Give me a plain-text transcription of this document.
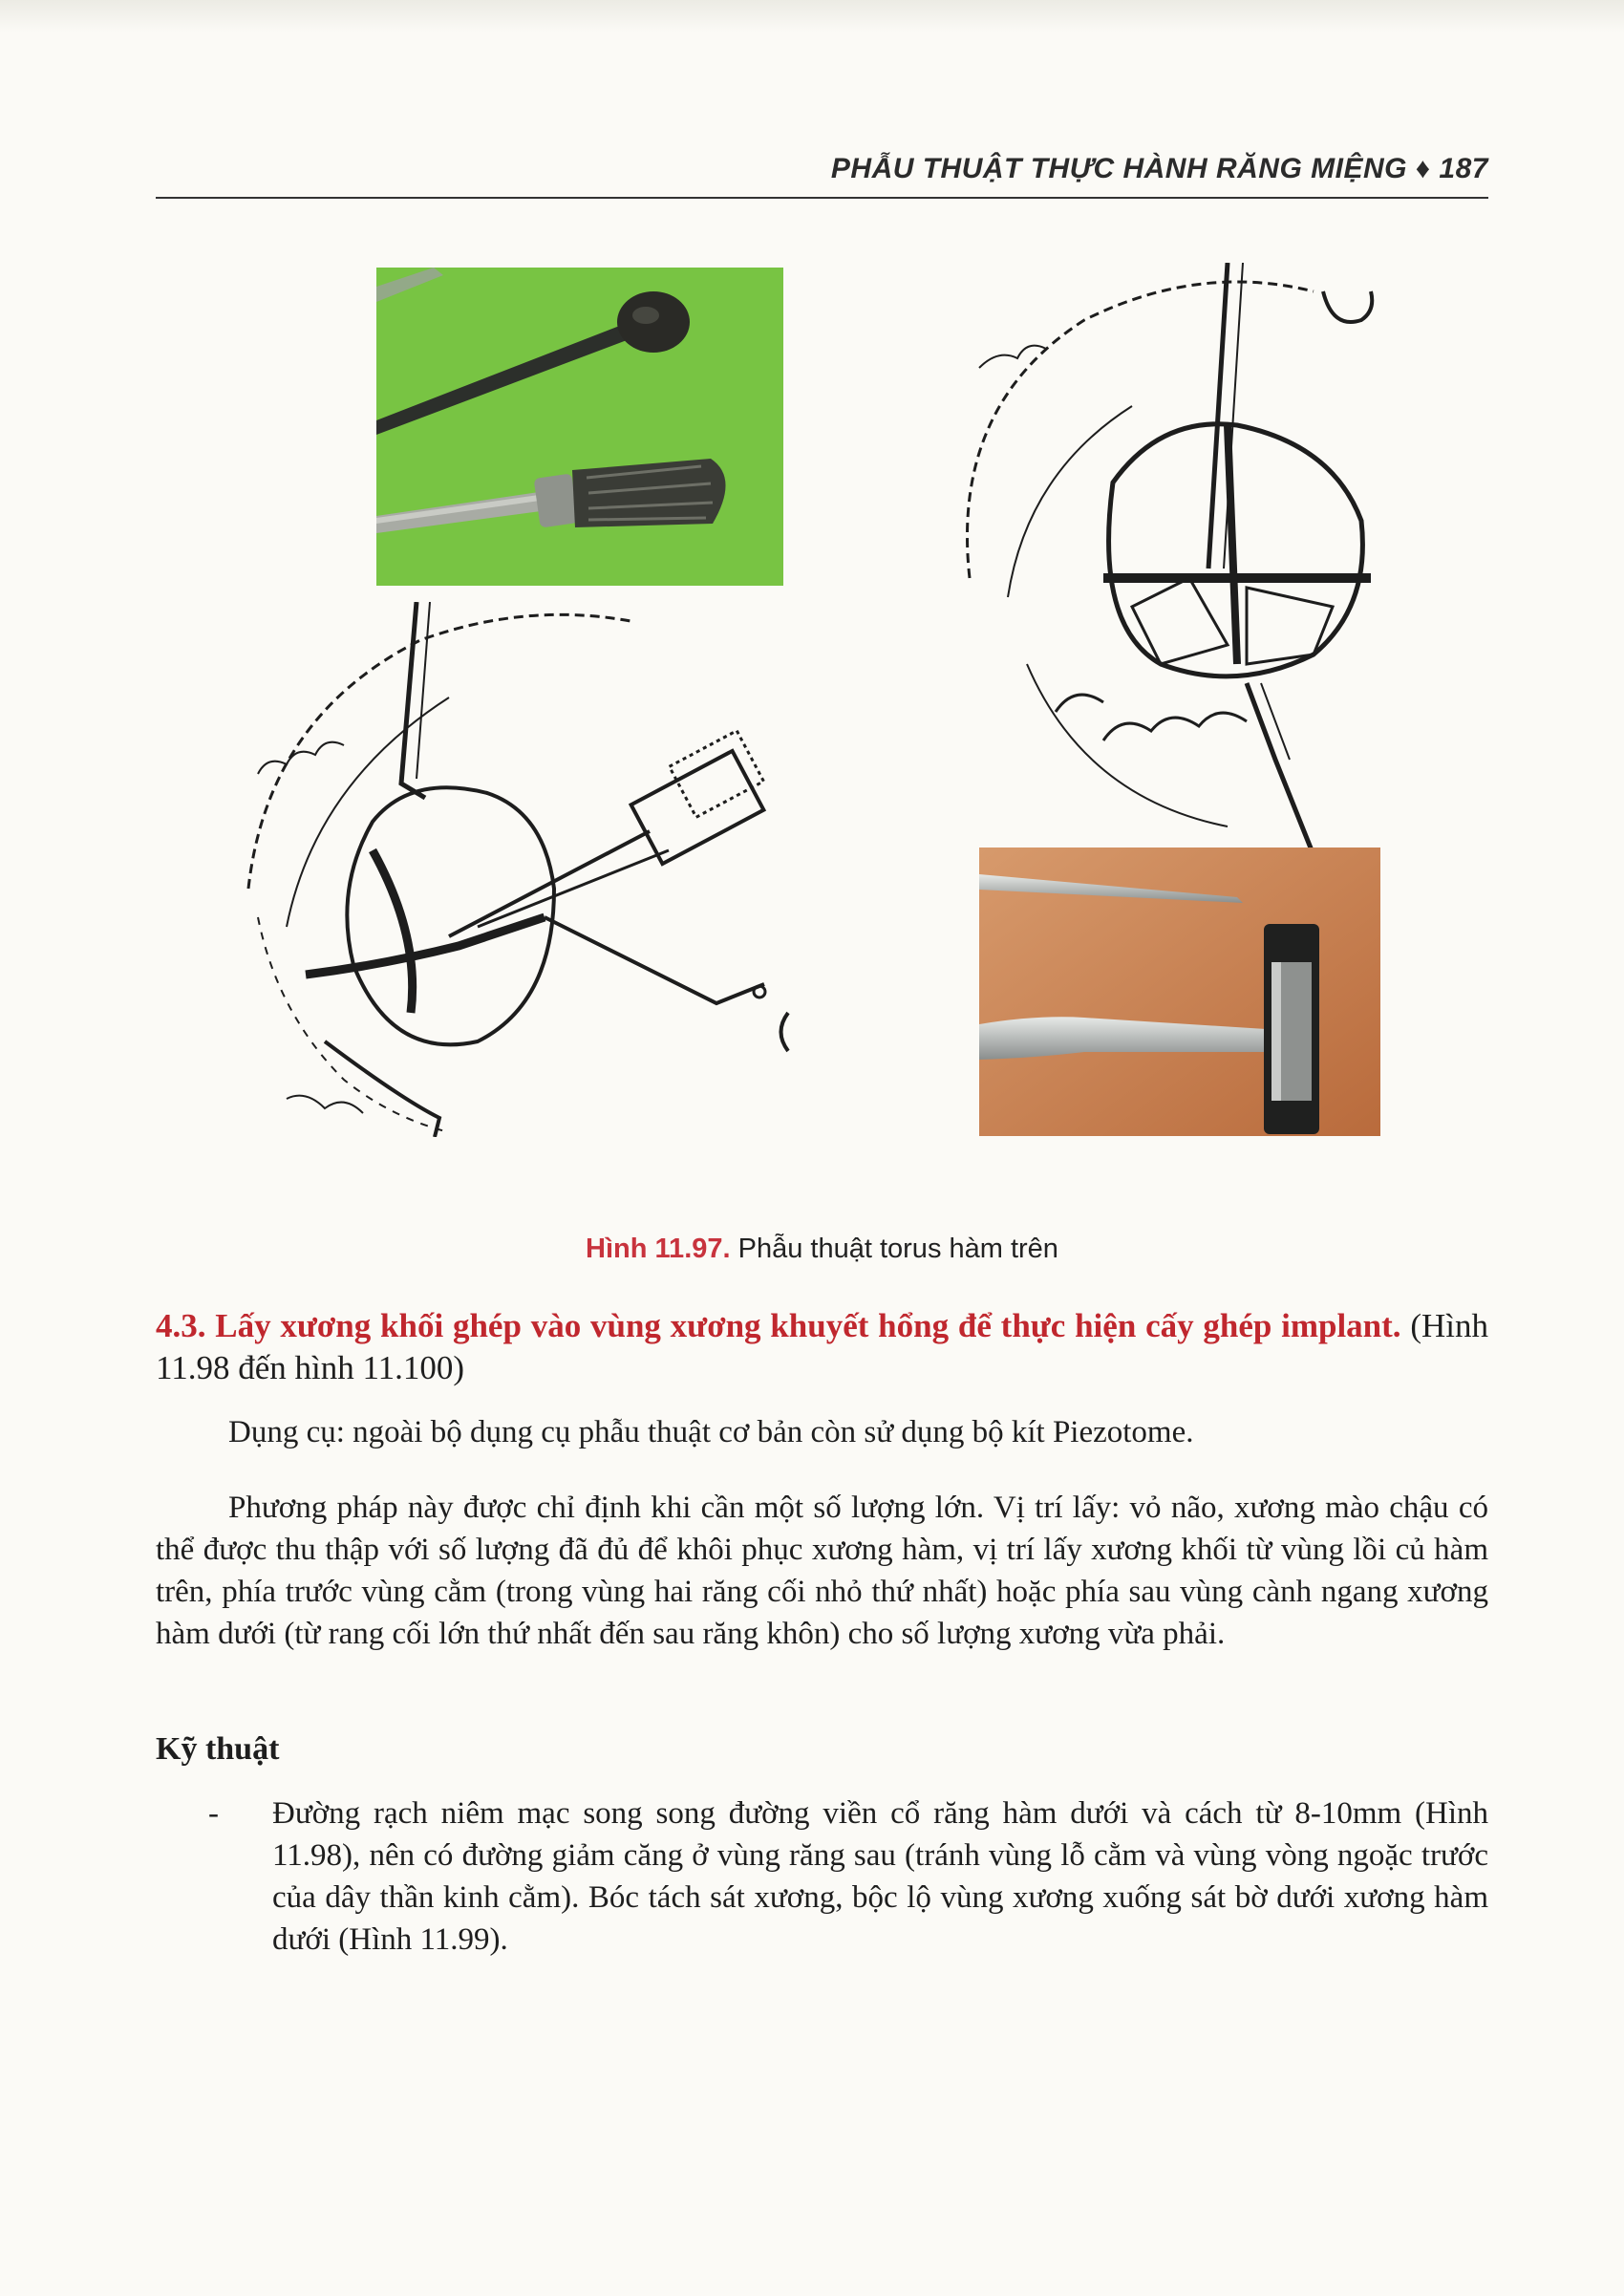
PHẪU THUẬT THỰC HÀNH RĂNG MIỆNG ♦ 187
Hình 11.97. Phẫu thuật torus hàm trên
4.3. Lấy xương khối ghép vào vùng xương khuyết hổng để thực hiện cấy ghép implant. (Hình 11.98 đến hình 11.100)

Dụng cụ: ngoài bộ dụng cụ phẫu thuật cơ bản còn sử dụng bộ kít Piezotome.

Phương pháp này được chỉ định khi cần một số lượng lớn. Vị trí lấy: vỏ não, xương mào chậu có thể được thu thập với số lượng đã đủ để khôi phục xương hàm, vị trí lấy xương khối từ vùng lồi củ hàm trên, phía trước vùng cằm (trong vùng hai răng cối nhỏ thứ nhất) hoặc phía sau vùng cành ngang xương hàm dưới (từ rang cối lớn thứ nhất đến sau răng khôn) cho số lượng xương vừa phải.

Kỹ thuật
- Đường rạch niêm mạc song song đường viền cổ răng hàm dưới và cách từ 8-10mm (Hình 11.98), nên có đường giảm căng ở vùng răng sau (tránh vùng lỗ cằm và vùng vòng ngoặc trước của dây thần kinh cằm). Bóc tách sát xương, bộc lộ vùng xương xuống sát bờ dưới xương hàm dưới (Hình 11.99).
